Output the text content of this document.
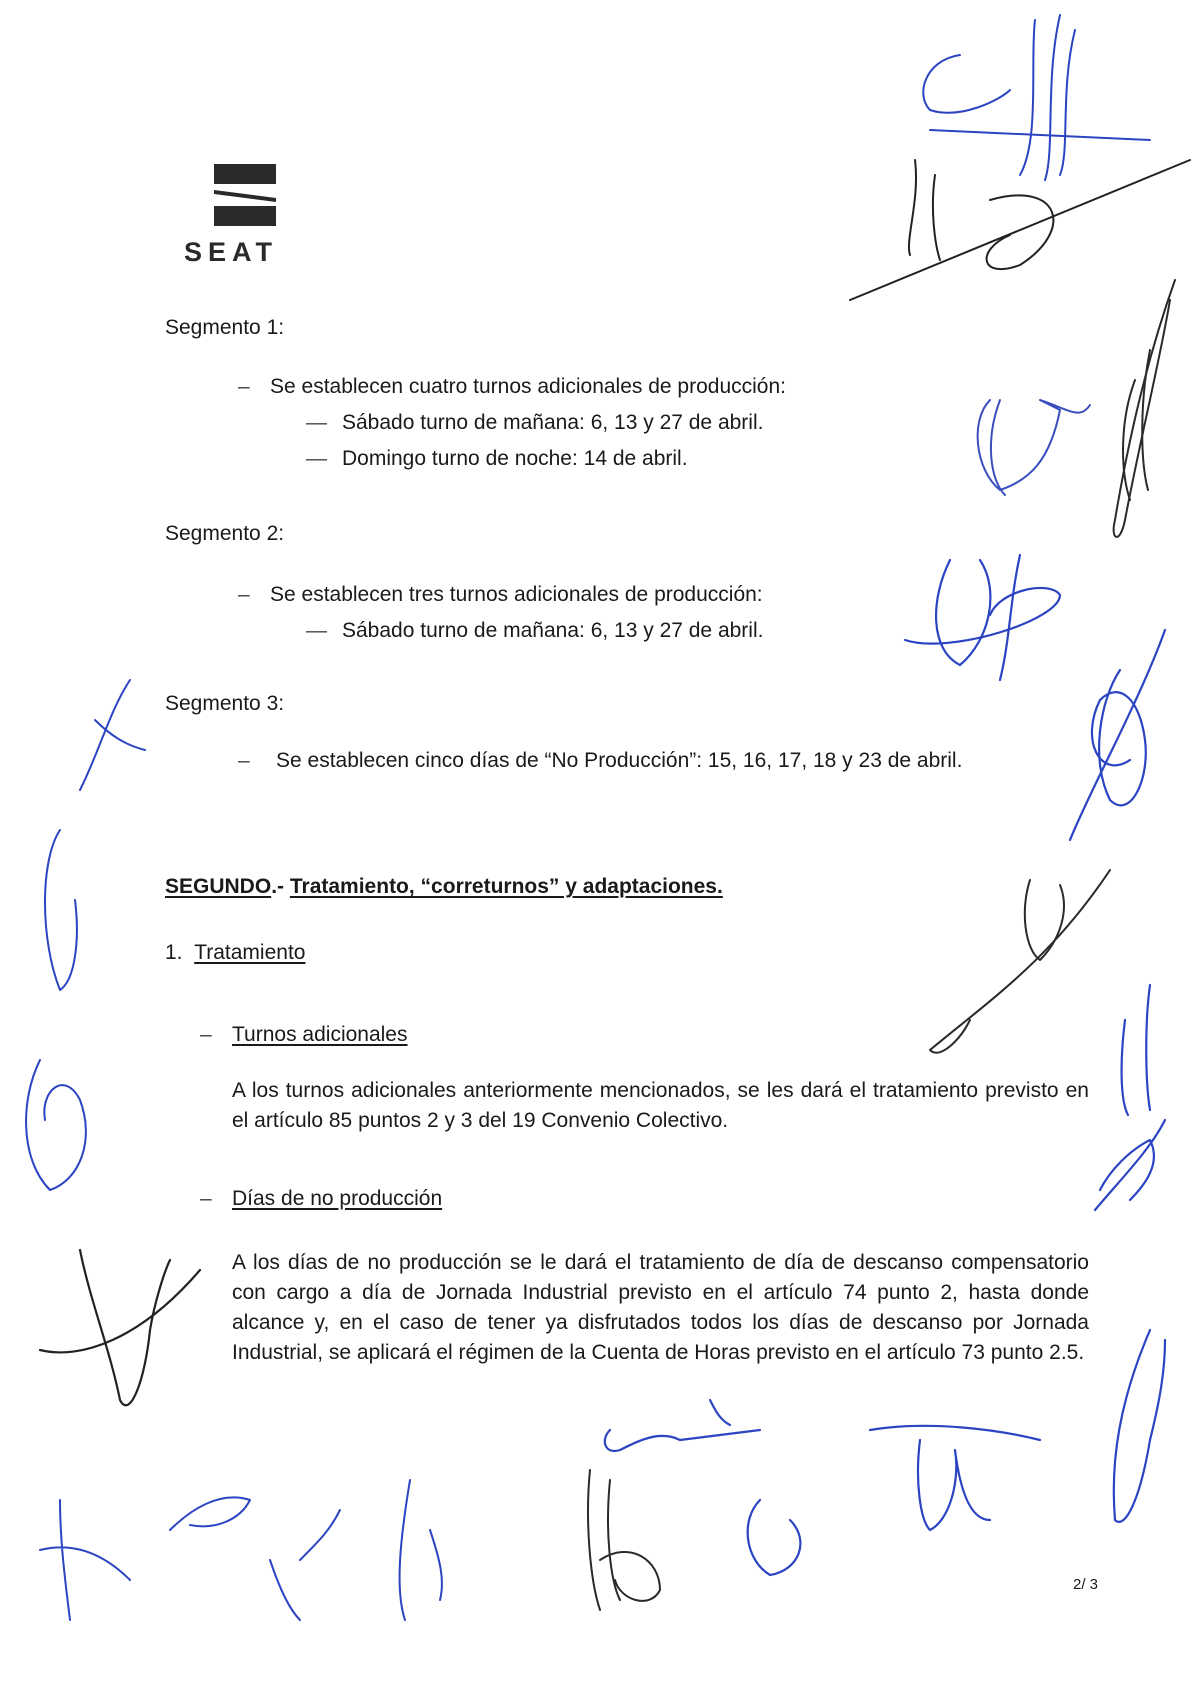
SEAT
Segmento 1:
– Se establecen cuatro turnos adicionales de producción:
— Sábado turno de mañana: 6, 13 y 27 de abril.
— Domingo turno de noche: 14 de abril.
Segmento 2:
– Se establecen tres turnos adicionales de producción:
— Sábado turno de mañana: 6, 13 y 27 de abril.
Segmento 3:
– Se establecen cinco días de “No Producción”: 15, 16, 17, 18 y 23 de abril.
SEGUNDO.- Tratamiento, “correturnos” y adaptaciones.
1. Tratamiento
– Turnos adicionales
A los turnos adicionales anteriormente mencionados, se les dará el tratamiento previsto en el artículo 85 puntos 2 y 3 del 19 Convenio Colectivo.
– Días de no producción
A los días de no producción se le dará el tratamiento de día de descanso compensatorio con cargo a día de Jornada Industrial previsto en el artículo 74 punto 2, hasta donde alcance y, en el caso de tener ya disfrutados todos los días de descanso por Jornada Industrial, se aplicará el régimen de la Cuenta de Horas previsto en el artículo 73 punto 2.5.
2/ 3
